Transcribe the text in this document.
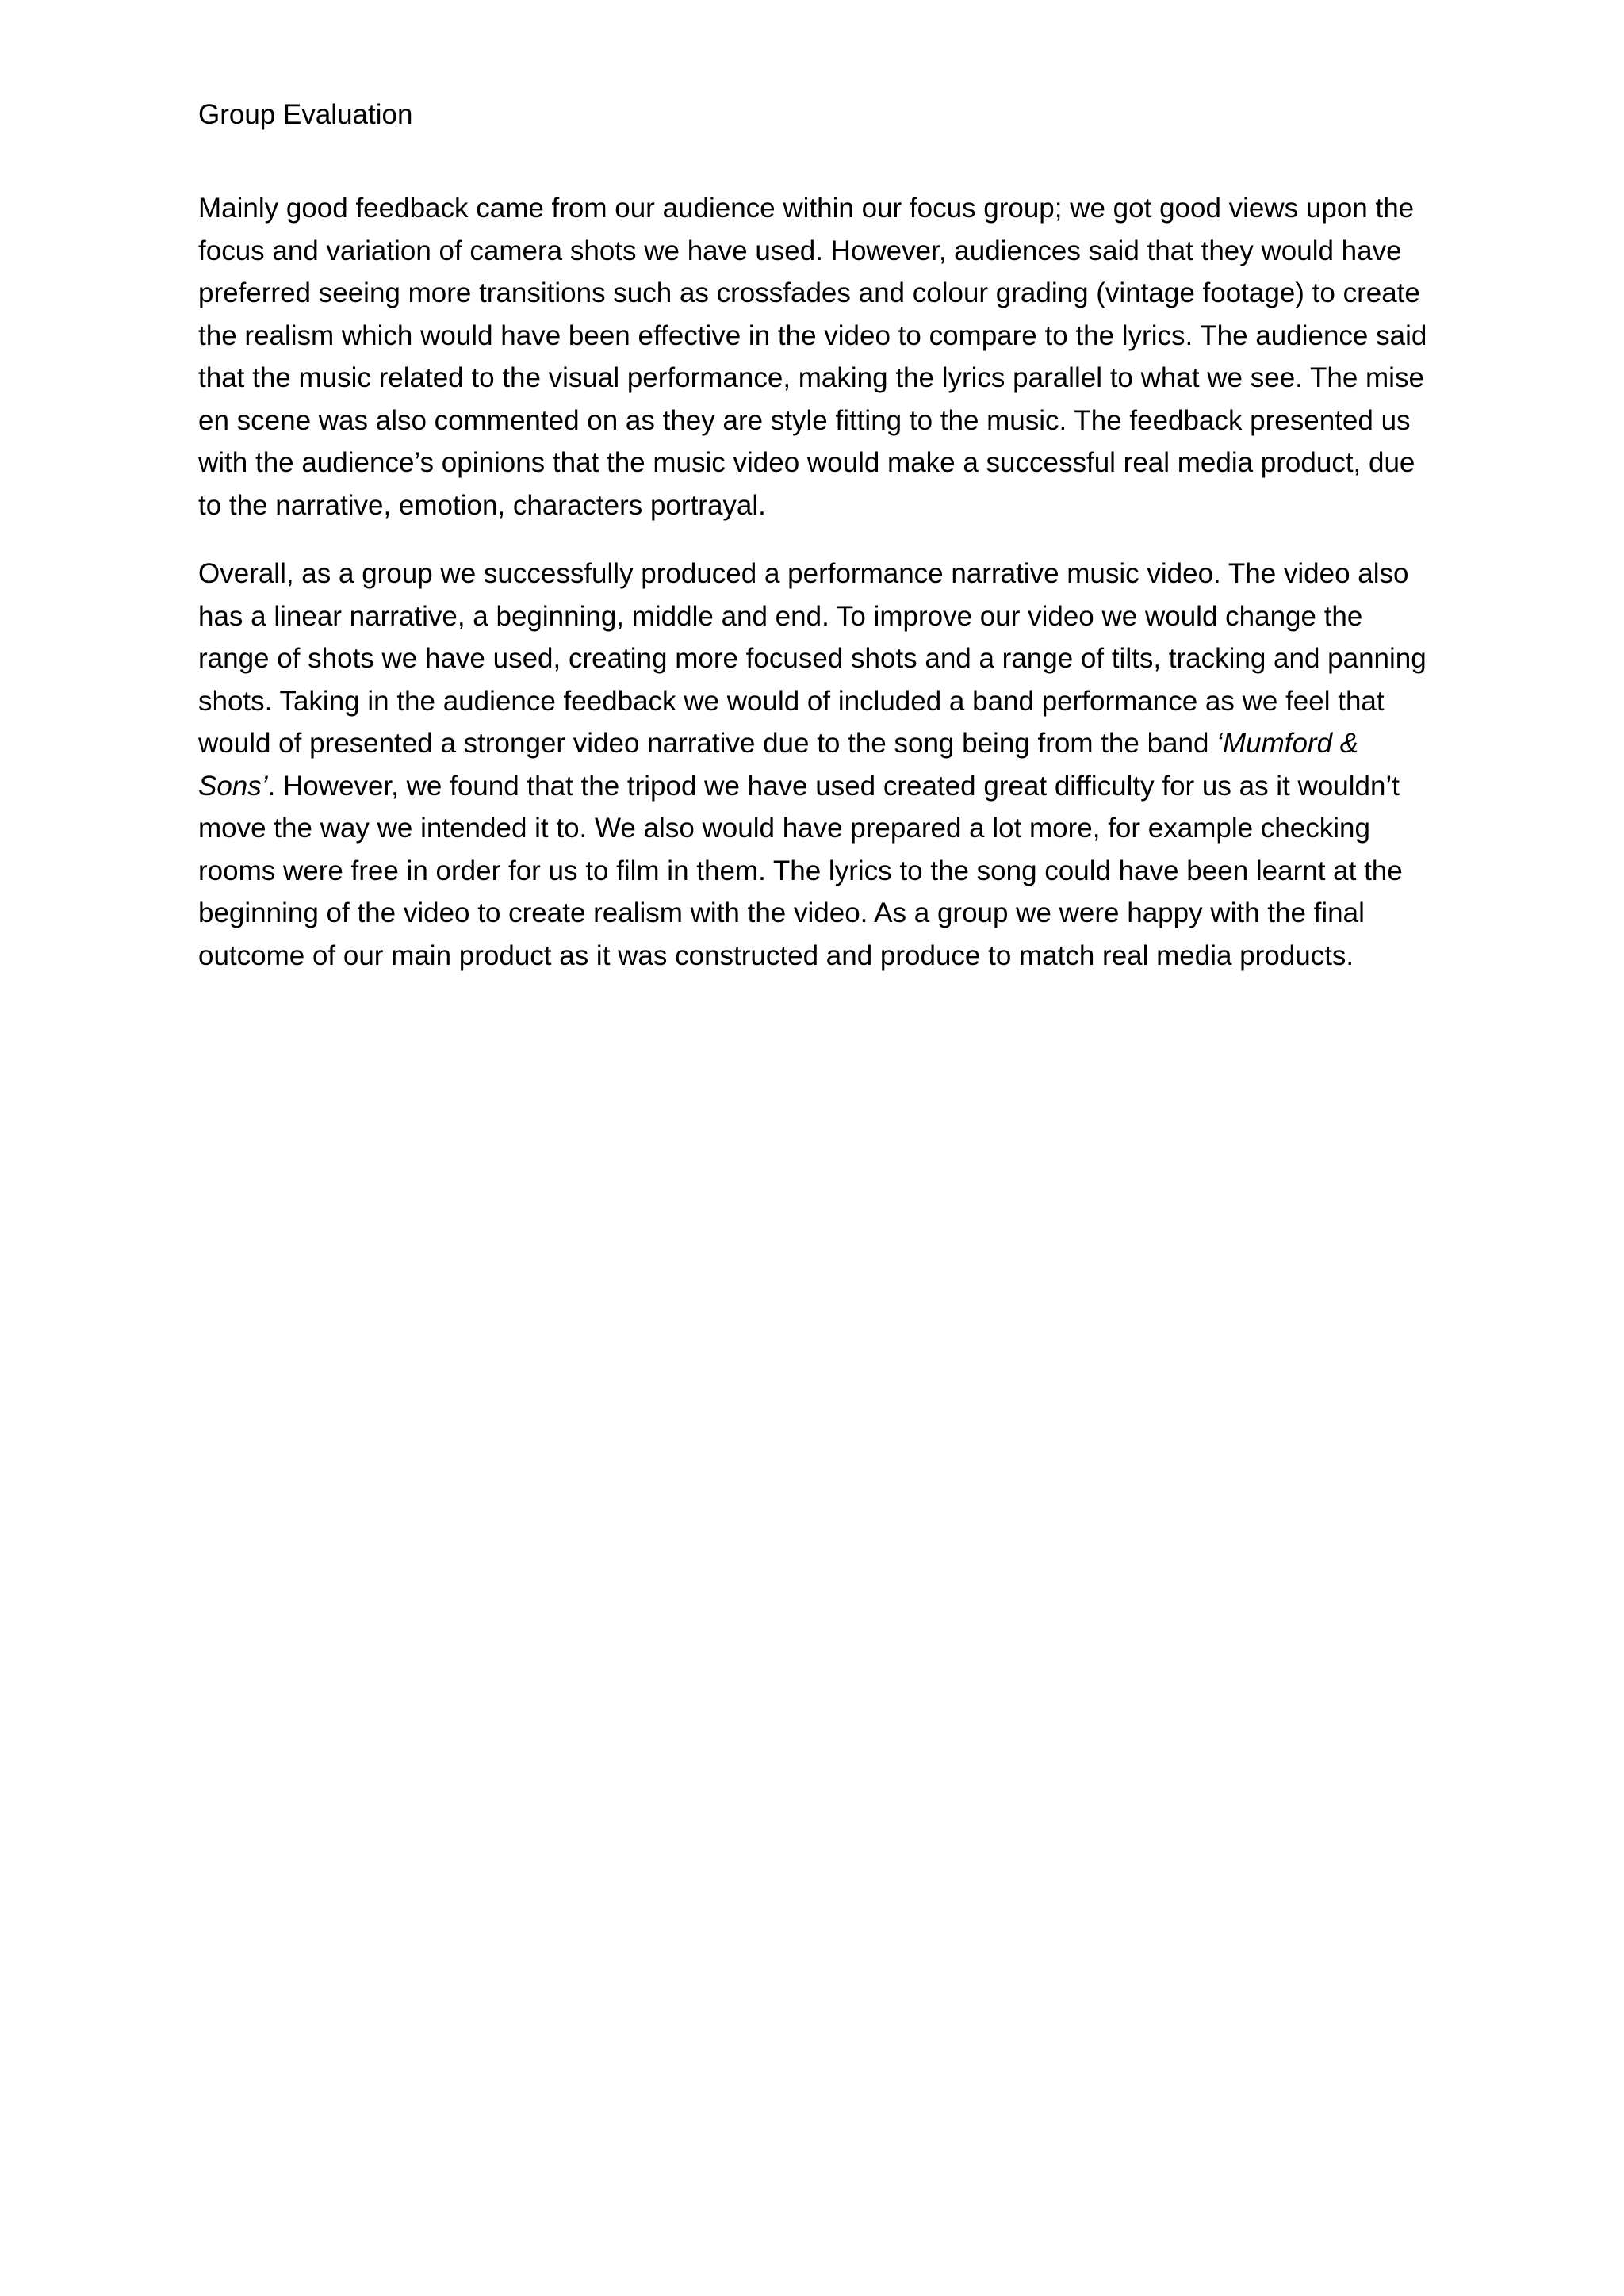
Group Evaluation

Mainly good feedback came from our audience within our focus group; we got good views upon the
focus and variation of camera shots we have used. However, audiences said that they would have
preferred seeing more transitions such as crossfades and colour grading (vintage footage) to create
the realism which would have been effective in the video to compare to the lyrics. The audience said
that the music related to the visual performance, making the lyrics parallel to what we see. The mise
en scene was also commented on as they are style fitting to the music. The feedback presented us
with the audience’s opinions that the music video would make a successful real media product, due
to the narrative, emotion, characters portrayal.

Overall, as a group we successfully produced a performance narrative music video. The video also
has a linear narrative, a beginning, middle and end. To improve our video we would change the
range of shots we have used, creating more focused shots and a range of tilts, tracking and panning
shots. Taking in the audience feedback we would of included a band performance as we feel that
would of presented a stronger video narrative due to the song being from the band ‘Mumford &
Sons’. However, we found that the tripod we have used created great difficulty for us as it wouldn’t
move the way we intended it to. We also would have prepared a lot more, for example checking
rooms were free in order for us to film in them. The lyrics to the song could have been learnt at the
beginning of the video to create realism with the video. As a group we were happy with the final
outcome of our main product as it was constructed and produce to match real media products.
